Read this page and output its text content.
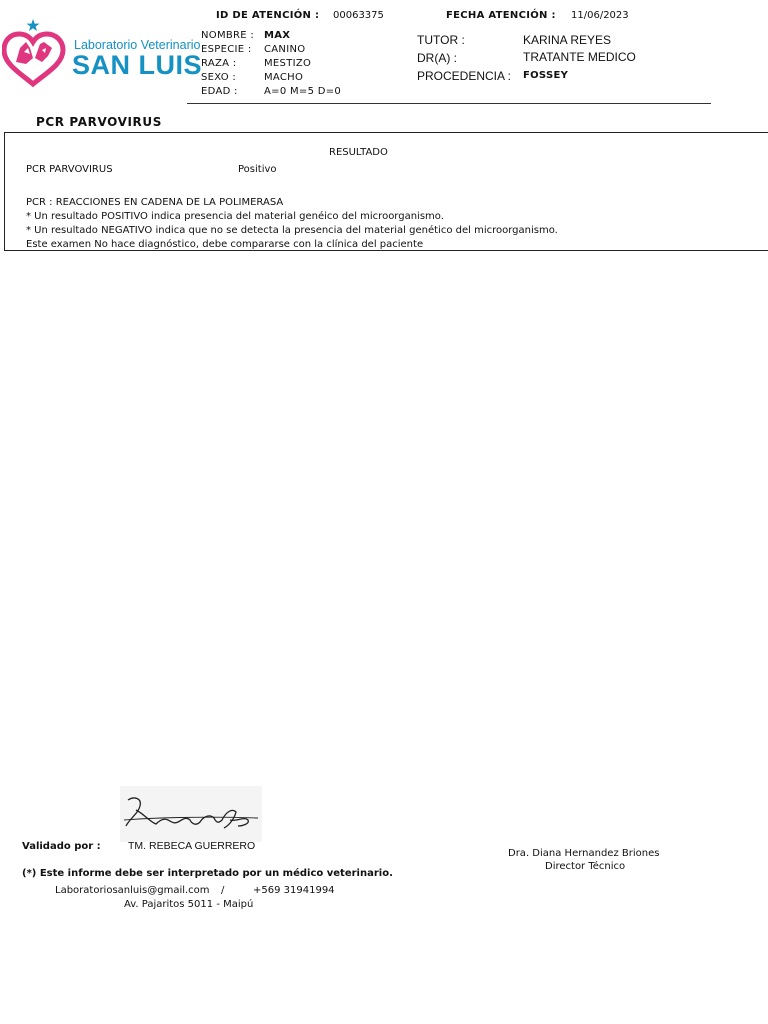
Laboratorio Veterinario
SAN LUIS
ID DE ATENCIÓN : 00063375	FECHA ATENCIÓN : 11/06/2023
NOMBRE : MAX
ESPECIE : CANINO
RAZA :	MESTIZO
SEXO :	MACHO
EDAD :	A=0 M=5 D=0
TUTOR :	KARINA REYES
DR(A) :	TRATANTE MEDICO
PROCEDENCIA : FOSSEY
PCR PARVOVIRUS
RESULTADO
PCR PARVOVIRUS	Positivo
PCR : REACCIONES EN CADENA DE LA POLIMERASA
* Un resultado POSITIVO indica presencia del material genéico del microorganismo.
* Un resultado NEGATIVO indica que no se detecta la presencia del material genético del microorganismo.
Este examen No hace diagnóstico, debe compararse con la clínica del paciente
Validado por :	TM. REBECA GUERRERO
Dra. Diana Hernandez Briones
Director Técnico
(*) Este informe debe ser interpretado por un médico veterinario.
Laboratoriosanluis@gmail.com /	+569 31941994
Av. Pajaritos 5011 - Maipú
